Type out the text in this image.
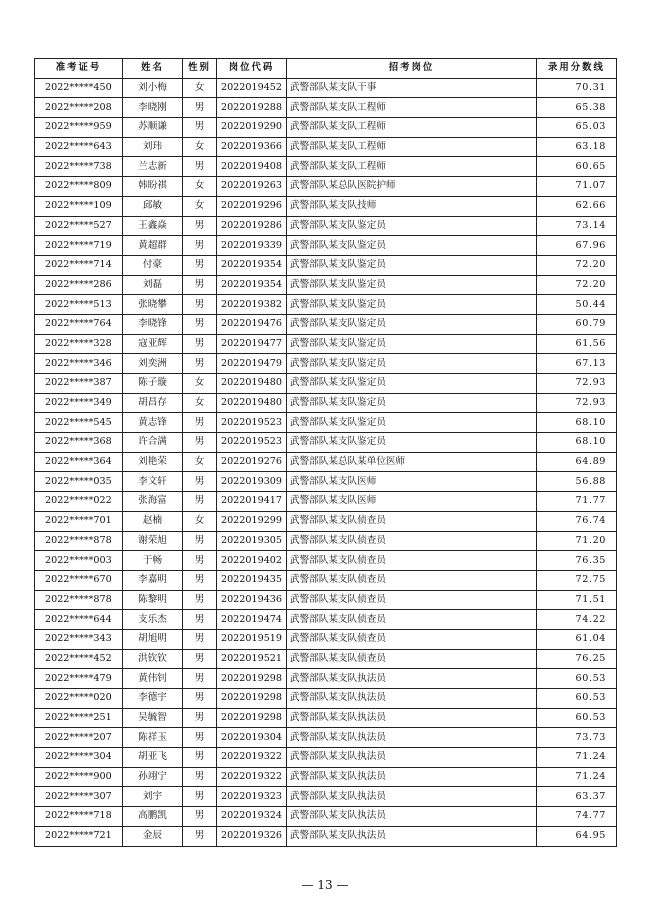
准考证号	姓名	性别	岗位代码	招考岗位	录用分数线
2022*****450	刘小梅	女	2022019452	武警部队某支队干事	70.31
2022*****208	李晓刚	男	2022019288	武警部队某支队工程师	65.38
2022*****959	苏顺谦	男	2022019290	武警部队某支队工程师	65.03
2022*****643	刘玮	女	2022019366	武警部队某支队工程师	63.18
2022*****738	兰志新	男	2022019408	武警部队某支队工程师	60.65
2022*****809	韩盼祺	女	2022019263	武警部队某总队医院护师	71.07
2022*****109	邱敏	女	2022019296	武警部队某支队技师	62.66
2022*****527	王鑫焱	男	2022019286	武警部队某支队鉴定员	73.14
2022*****719	黄超群	男	2022019339	武警部队某支队鉴定员	67.96
2022*****714	付豪	男	2022019354	武警部队某支队鉴定员	72.20
2022*****286	刘磊	男	2022019354	武警部队某支队鉴定员	72.20
2022*****513	张晓攀	男	2022019382	武警部队某支队鉴定员	50.44
2022*****764	李晓锋	男	2022019476	武警部队某支队鉴定员	60.79
2022*****328	寇亚辉	男	2022019477	武警部队某支队鉴定员	61.56
2022*****346	刘奕洲	男	2022019479	武警部队某支队鉴定员	67.13
2022*****387	陈子璇	女	2022019480	武警部队某支队鉴定员	72.93
2022*****349	胡昌存	女	2022019480	武警部队某支队鉴定员	72.93
2022*****545	黄志锋	男	2022019523	武警部队某支队鉴定员	68.10
2022*****368	许合满	男	2022019523	武警部队某支队鉴定员	68.10
2022*****364	刘艳荣	女	2022019276	武警部队某总队某单位医师	64.89
2022*****035	李文轩	男	2022019309	武警部队某支队医师	56.88
2022*****022	张海富	男	2022019417	武警部队某支队医师	71.77
2022*****701	赵楠	女	2022019299	武警部队某支队侦查员	76.74
2022*****878	谢荣旭	男	2022019305	武警部队某支队侦查员	71.20
2022*****003	于畅	男	2022019402	武警部队某支队侦查员	76.35
2022*****670	李嘉明	男	2022019435	武警部队某支队侦查员	72.75
2022*****878	陈黎明	男	2022019436	武警部队某支队侦查员	71.51
2022*****644	支乐杰	男	2022019474	武警部队某支队侦查员	74.22
2022*****343	胡旭明	男	2022019519	武警部队某支队侦查员	61.04
2022*****452	洪钦钦	男	2022019521	武警部队某支队侦查员	76.25
2022*****479	黄伟钊	男	2022019298	武警部队某支队执法员	60.53
2022*****020	李德宇	男	2022019298	武警部队某支队执法员	60.53
2022*****251	吴毓智	男	2022019298	武警部队某支队执法员	60.53
2022*****207	陈祥玉	男	2022019304	武警部队某支队执法员	73.73
2022*****304	胡亚飞	男	2022019322	武警部队某支队执法员	71.24
2022*****900	孙翊宁	男	2022019322	武警部队某支队执法员	71.24
2022*****307	刘宇	男	2022019323	武警部队某支队执法员	63.37
2022*****718	高鹏凯	男	2022019324	武警部队某支队执法员	74.77
2022*****721	金辰	男	2022019326	武警部队某支队执法员	64.95
— 13 —
